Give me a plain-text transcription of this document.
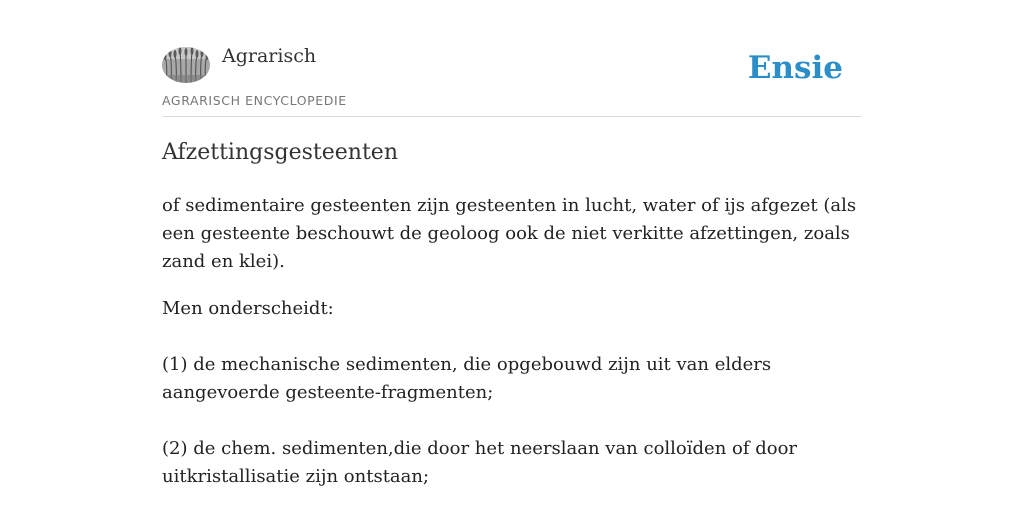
Agrarisch
AGRARISCH ENCYCLOPEDIE
Ensie
Afzettingsgesteenten

of sedimentaire gesteenten zijn gesteenten in lucht, water of ijs afgezet (als een gesteente beschouwt de geoloog ook de niet verkitte afzettingen, zoals zand en klei).

Men onderscheidt:

(1) de mechanische sedimenten, die opgebouwd zijn uit van elders aangevoerde gesteente-fragmenten;

(2) de chem. sedimenten,die door het neerslaan van colloïden of door uitkristallisatie zijn ontstaan;
